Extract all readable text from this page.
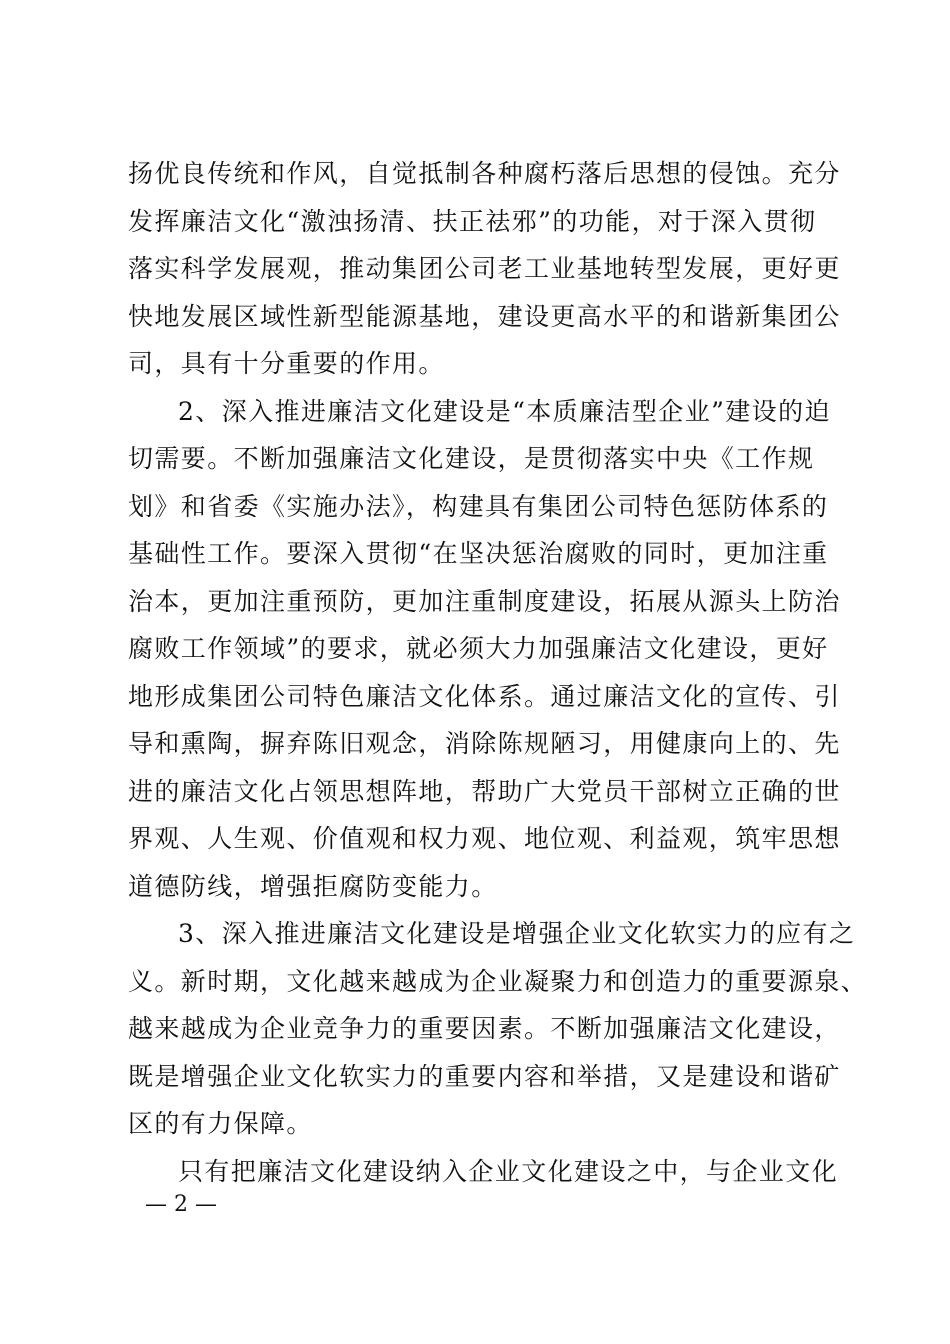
扬优良传统和作风，自觉抵制各种腐朽落后思想的侵蚀。充分
发挥廉洁文化“激浊扬清、扶正祛邪”的功能，对于深入贯彻
落实科学发展观，推动集团公司老工业基地转型发展，更好更
快地发展区域性新型能源基地，建设更高水平的和谐新集团公
司，具有十分重要的作用。
2、深入推进廉洁文化建设是“本质廉洁型企业”建设的迫
切需要。不断加强廉洁文化建设，是贯彻落实中央《工作规
划》和省委《实施办法》，构建具有集团公司特色惩防体系的
基础性工作。要深入贯彻“在坚决惩治腐败的同时，更加注重
治本，更加注重预防，更加注重制度建设，拓展从源头上防治
腐败工作领域”的要求，就必须大力加强廉洁文化建设，更好
地形成集团公司特色廉洁文化体系。通过廉洁文化的宣传、引
导和熏陶，摒弃陈旧观念，消除陈规陋习，用健康向上的、先
进的廉洁文化占领思想阵地，帮助广大党员干部树立正确的世
界观、人生观、价值观和权力观、地位观、利益观，筑牢思想
道德防线，增强拒腐防变能力。
3、深入推进廉洁文化建设是增强企业文化软实力的应有之
义。新时期，文化越来越成为企业凝聚力和创造力的重要源泉、
越来越成为企业竞争力的重要因素。不断加强廉洁文化建设，
既是增强企业文化软实力的重要内容和举措，又是建设和谐矿
区的有力保障。
只有把廉洁文化建设纳入企业文化建设之中，与企业文化
— 2 —
